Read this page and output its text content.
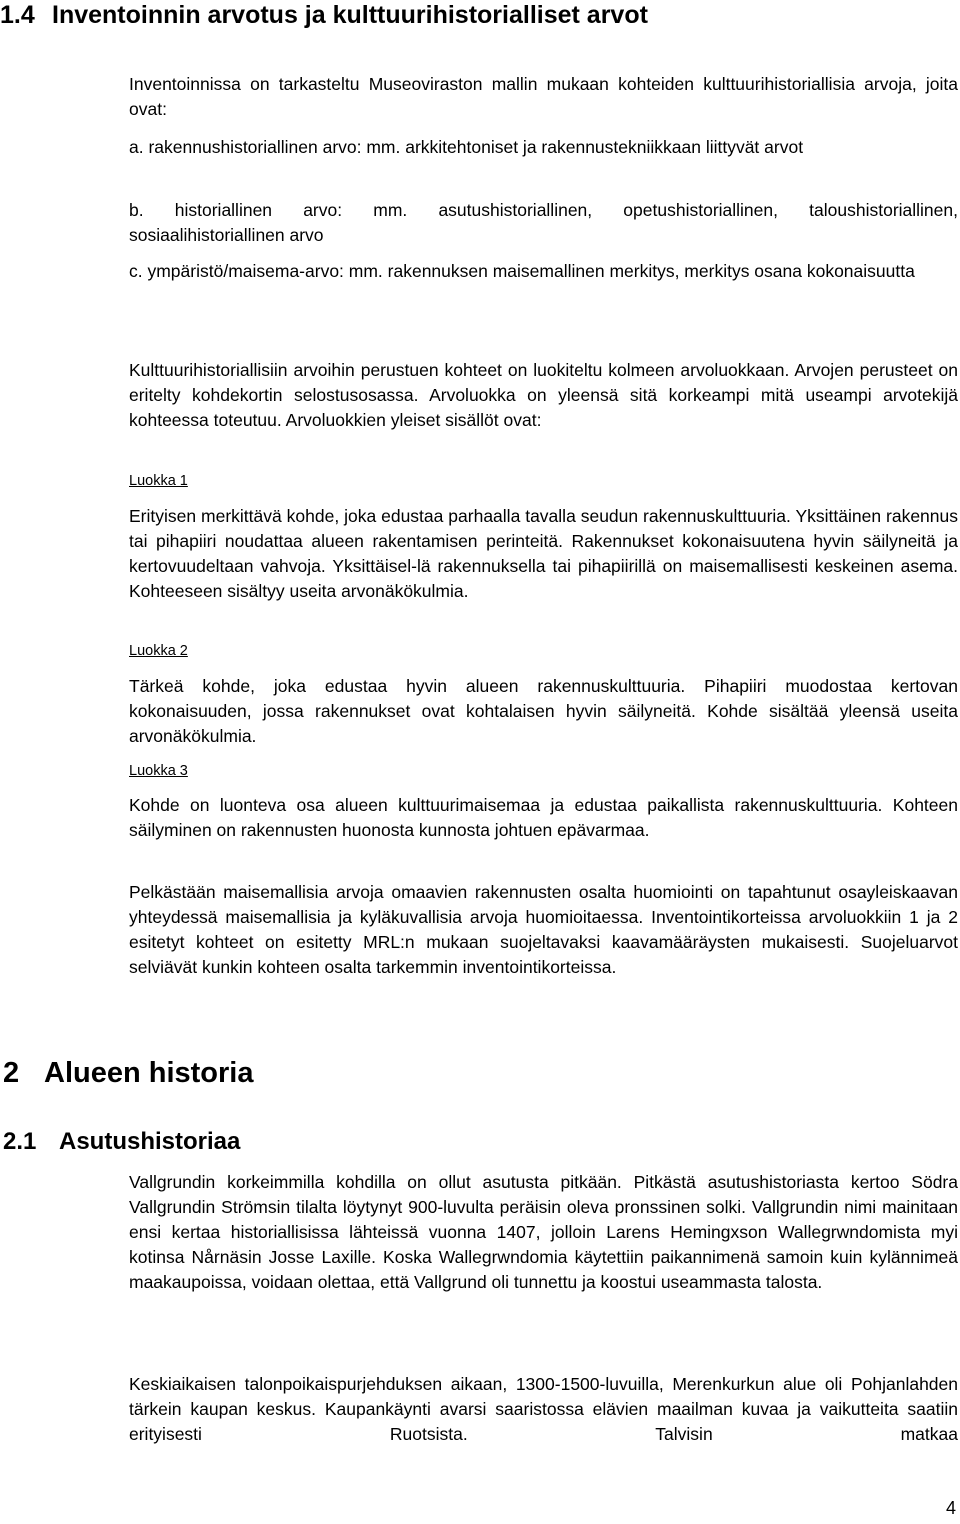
1.4 Inventoinnin arvotus ja kulttuurihistorialliset arvot

Inventoinnissa on tarkasteltu Museoviraston mallin mukaan kohteiden kulttuurihistoriallisia arvoja, joita ovat:

a. rakennushistoriallinen arvo: mm. arkkitehtoniset ja rakennustekniikkaan liittyvät arvot

b. historiallinen arvo: mm. asutushistoriallinen, opetushistoriallinen, taloushistoriallinen, sosiaalihistoriallinen arvo

c. ympäristö/maisema-arvo: mm. rakennuksen maisemallinen merkitys, merkitys osana kokonaisuutta

Kulttuurihistoriallisiin arvoihin perustuen kohteet on luokiteltu kolmeen arvoluokkaan. Arvojen perusteet on eritelty kohdekortin selostusosassa. Arvoluokka on yleensä sitä korkeampi mitä useampi arvotekijä kohteessa toteutuu. Arvoluokkien yleiset sisällöt ovat:

Luokka 1

Erityisen merkittävä kohde, joka edustaa parhaalla tavalla seudun rakennuskulttuuria. Yksittäinen rakennus tai pihapiiri noudattaa alueen rakentamisen perinteitä. Rakennukset kokonaisuutena hyvin säilyneitä ja kertovuudeltaan vahvoja. Yksittäisel-lä rakennuksella tai pihapiirillä on maisemallisesti keskeinen asema. Kohteeseen sisältyy useita arvonäkökulmia.

Luokka 2

Tärkeä kohde, joka edustaa hyvin alueen rakennuskulttuuria. Pihapiiri muodostaa kertovan kokonaisuuden, jossa rakennukset ovat kohtalaisen hyvin säilyneitä. Kohde sisältää yleensä useita arvonäkökulmia.

Luokka 3

Kohde on luonteva osa alueen kulttuurimaisemaa ja edustaa paikallista rakennuskulttuuria. Kohteen säilyminen on rakennusten huonosta kunnosta johtuen epävarmaa.

Pelkästään maisemallisia arvoja omaavien rakennusten osalta huomiointi on tapahtunut osayleiskaavan yhteydessä maisemallisia ja kyläkuvallisia arvoja huomioitaessa. Inventointikorteissa arvoluokkiin 1 ja 2 esitetyt kohteet on esitetty MRL:n mukaan suojeltavaksi kaavamääräysten mukaisesti. Suojeluarvot selviävät kunkin kohteen osalta tarkemmin inventointikorteissa.

2 Alueen historia
2.1 Asutushistoriaa

Vallgrundin korkeimmilla kohdilla on ollut asutusta pitkään. Pitkästä asutushistoriasta kertoo Södra Vallgrundin Strömsin tilalta löytynyt 900-luvulta peräisin oleva pronssinen solki. Vallgrundin nimi mainitaan ensi kertaa historiallisissa lähteissä vuonna 1407, jolloin Larens Hemingxson Wallegrwndomista myi kotinsa Nårnäsin Josse Laxille. Koska Wallegrwndomia käytettiin paikannimenä samoin kuin kylännimeä maakaupoissa, voidaan olettaa, että Vallgrund oli tunnettu ja koostui useammasta talosta.

Keskiaikaisen talonpoikaispurjehduksen aikaan, 1300-1500-luvuilla, Merenkurkun alue oli Pohjanlahden tärkein kaupan keskus. Kaupankäynti avarsi saaristossa elävien maailman kuvaa ja vaikutteita saatiin erityisesti Ruotsista. Talvisin matkaa

4
